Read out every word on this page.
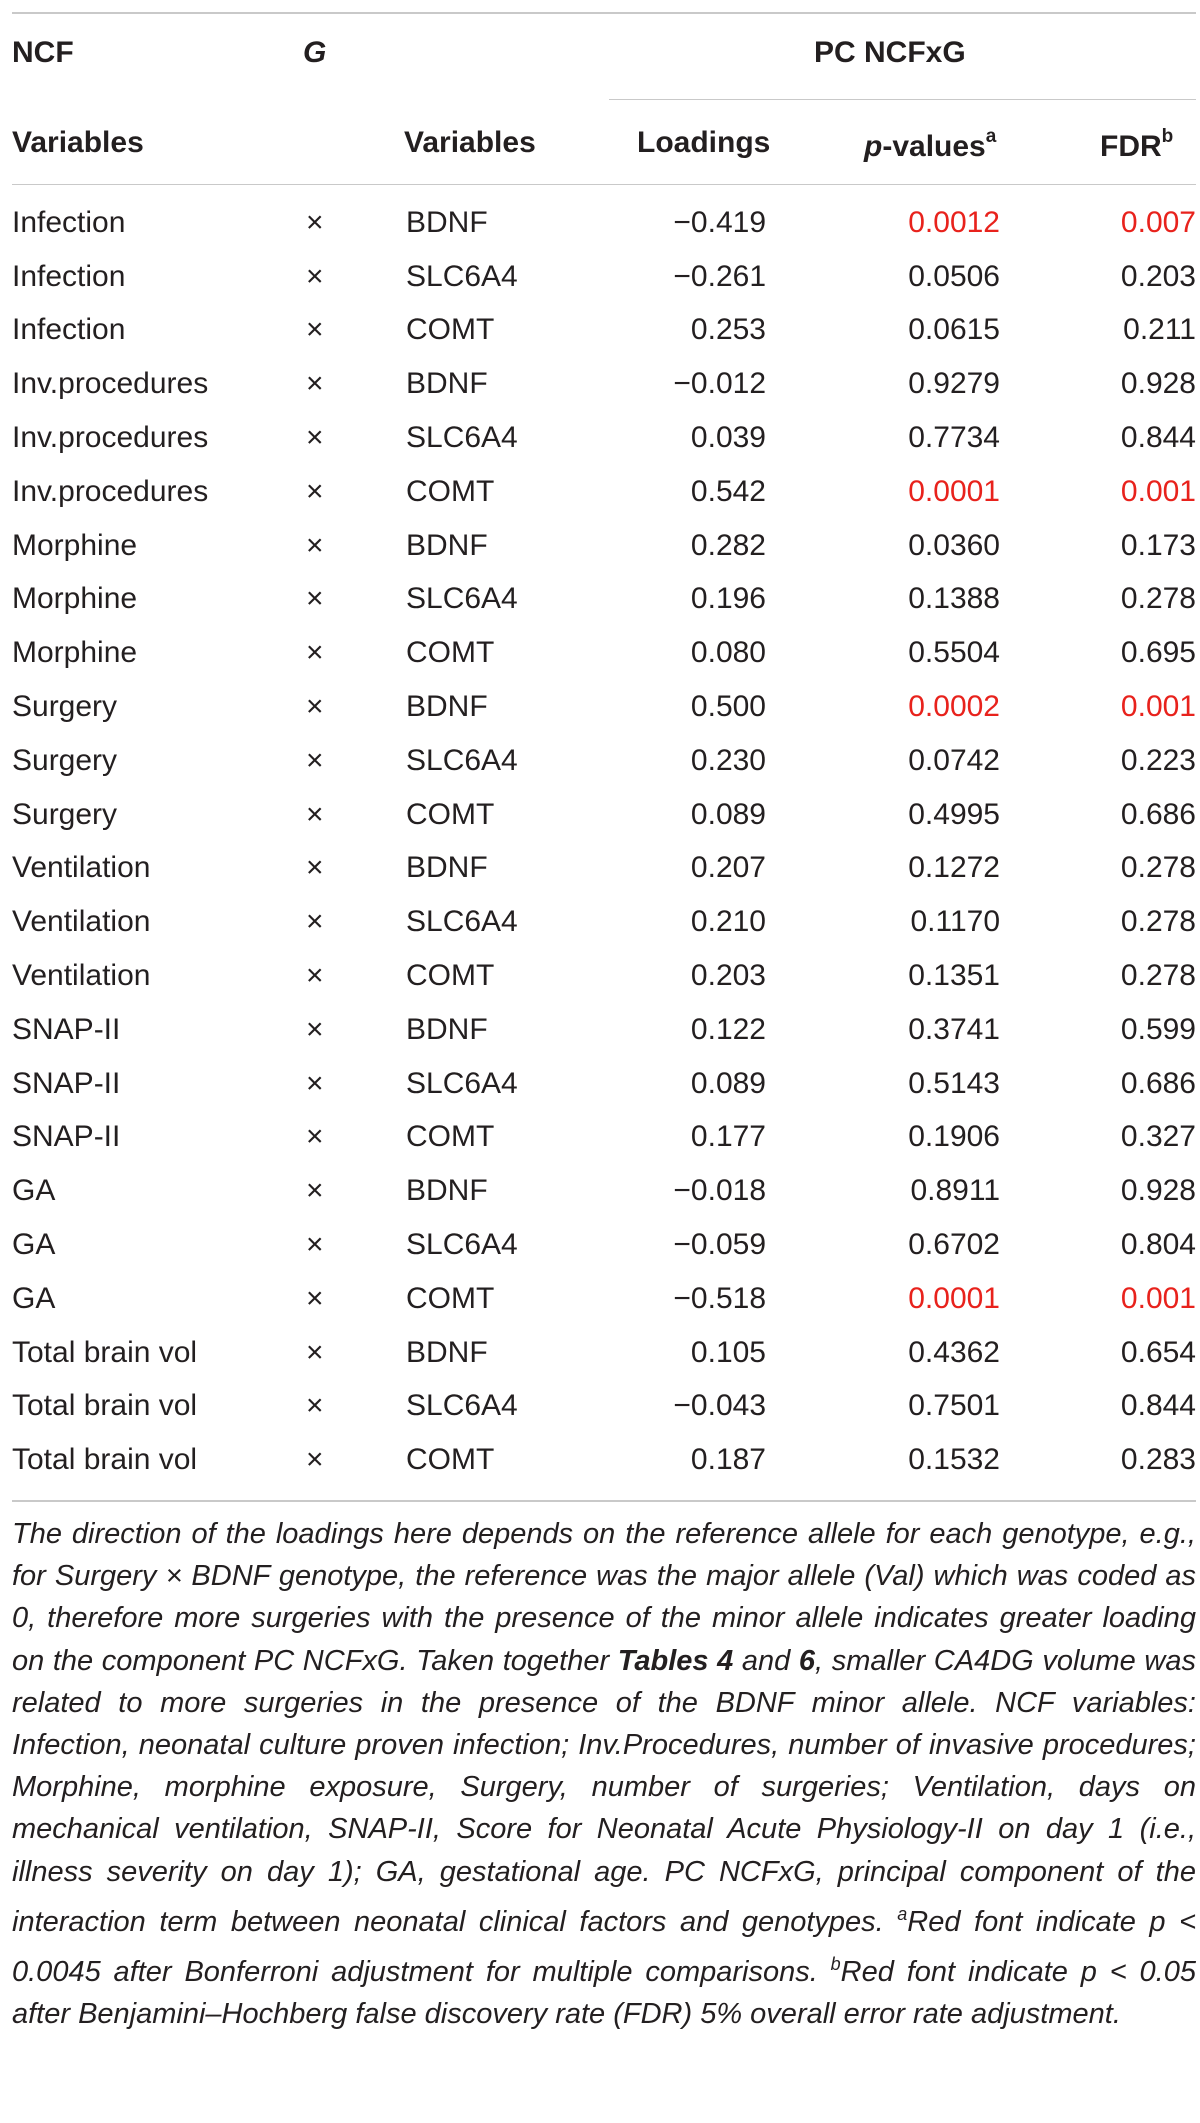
NCF	G	PC NCFxG
Variables	Variables	Loadings	p-values$^a$	FDR$^b$
Infection	×	BDNF	−0.419	0.0012	0.007
Infection	×	SLC6A4	−0.261	0.0506	0.203
Infection	×	COMT	0.253	0.0615	0.211
Inv.procedures	×	BDNF	−0.012	0.9279	0.928
Inv.procedures	×	SLC6A4	0.039	0.7734	0.844
Inv.procedures	×	COMT	0.542	0.0001	0.001
Morphine	×	BDNF	0.282	0.0360	0.173
Morphine	×	SLC6A4	0.196	0.1388	0.278
Morphine	×	COMT	0.080	0.5504	0.695
Surgery	×	BDNF	0.500	0.0002	0.001
Surgery	×	SLC6A4	0.230	0.0742	0.223
Surgery	×	COMT	0.089	0.4995	0.686
Ventilation	×	BDNF	0.207	0.1272	0.278
Ventilation	×	SLC6A4	0.210	0.1170	0.278
Ventilation	×	COMT	0.203	0.1351	0.278
SNAP-II	×	BDNF	0.122	0.3741	0.599
SNAP-II	×	SLC6A4	0.089	0.5143	0.686
SNAP-II	×	COMT	0.177	0.1906	0.327
GA	×	BDNF	−0.018	0.8911	0.928
GA	×	SLC6A4	−0.059	0.6702	0.804
GA	×	COMT	−0.518	0.0001	0.001
Total brain vol	×	BDNF	0.105	0.4362	0.654
Total brain vol	×	SLC6A4	−0.043	0.7501	0.844
Total brain vol	×	COMT	0.187	0.1532	0.283
The direction of the loadings here depends on the reference allele for each genotype, e.g., for Surgery × BDNF genotype, the reference was the major allele (Val) which was coded as 0, therefore more surgeries with the presence of the minor allele indicates greater loading on the component PC NCFxG. Taken together Tables 4 and 6, smaller CA4DG volume was related to more surgeries in the presence of the BDNF minor allele. NCF variables: Infection, neonatal culture proven infection; Inv.Procedures, number of invasive procedures; Morphine, morphine exposure, Surgery, number of surgeries; Ventilation, days on mechanical ventilation, SNAP-II, Score for Neonatal Acute Physiology-II on day 1 (i.e., illness severity on day 1); GA, gestational age. PC NCFxG, principal component of the interaction term between neonatal clinical factors and genotypes. $^a$Red font indicate p < 0.0045 after Bonferroni adjustment for multiple comparisons. $^b$Red font indicate p < 0.05 after Benjamini–Hochberg false discovery rate (FDR) 5% overall error rate adjustment.
